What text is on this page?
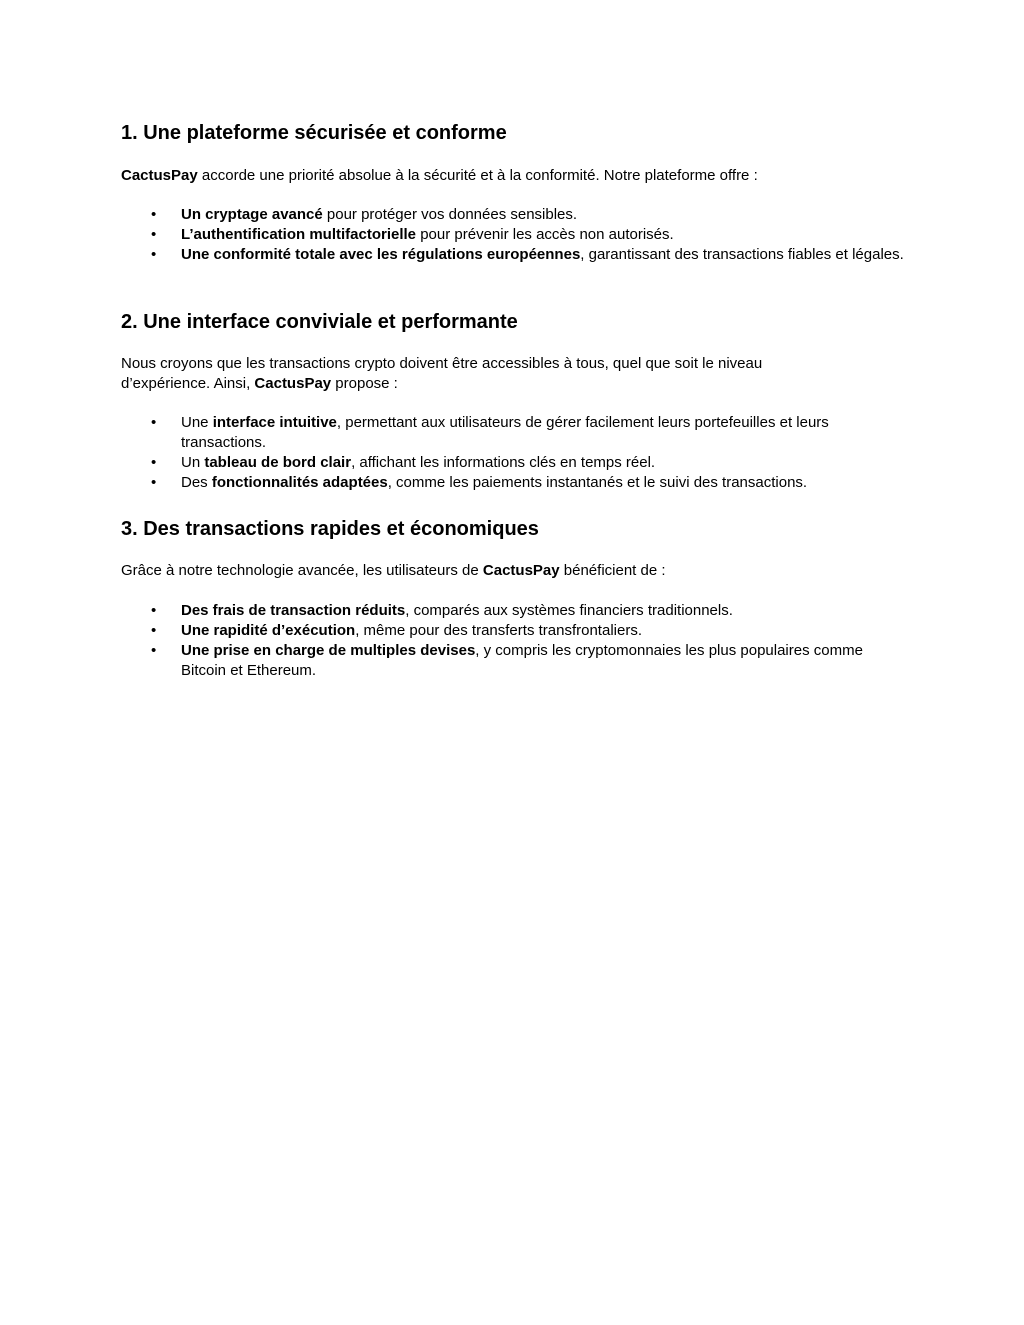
1. Une plateforme sécurisée et conforme

CactusPay accorde une priorité absolue à la sécurité et à la conformité. Notre plateforme offre :

• Un cryptage avancé pour protéger vos données sensibles.
• L’authentification multifactorielle pour prévenir les accès non autorisés.
• Une conformité totale avec les régulations européennes, garantissant des transactions fiables et légales.
2. Une interface conviviale et performante

Nous croyons que les transactions crypto doivent être accessibles à tous, quel que soit le niveau d’expérience. Ainsi, CactusPay propose :

• Une interface intuitive, permettant aux utilisateurs de gérer facilement leurs portefeuilles et leurs transactions.
• Un tableau de bord clair, affichant les informations clés en temps réel.
• Des fonctionnalités adaptées, comme les paiements instantanés et le suivi des transactions.
3. Des transactions rapides et économiques

Grâce à notre technologie avancée, les utilisateurs de CactusPay bénéficient de :

• Des frais de transaction réduits, comparés aux systèmes financiers traditionnels.
• Une rapidité d’exécution, même pour des transferts transfrontaliers.
• Une prise en charge de multiples devises, y compris les cryptomonnaies les plus populaires comme Bitcoin et Ethereum.
